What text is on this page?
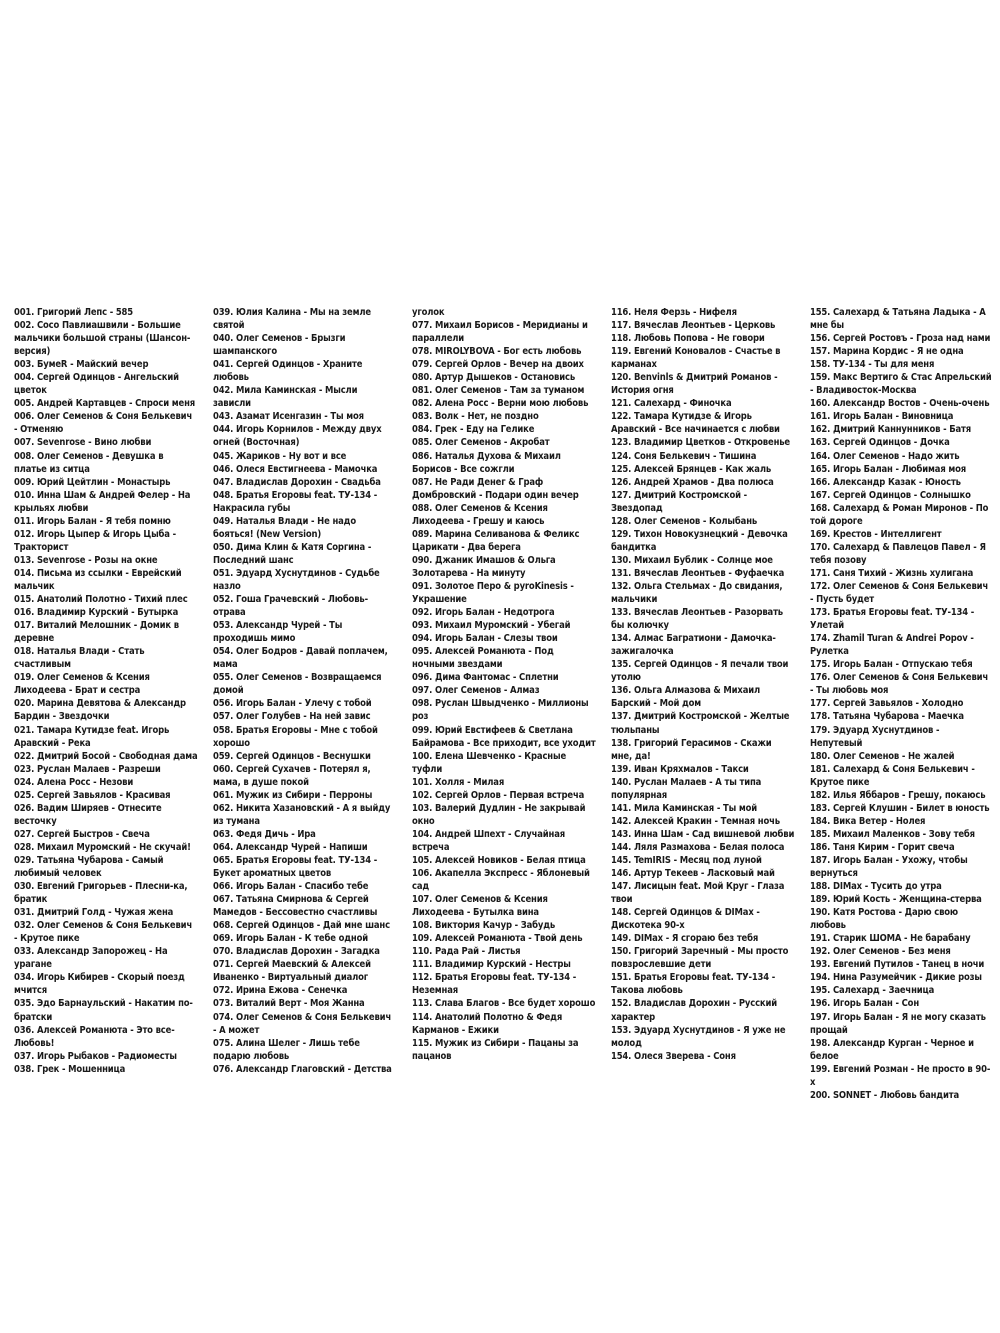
001. Григорий Лепс - 585
002. Сосо Павлиашвили - Большие мальчики большой страны (Шансон-версия)
003. БумеR - Майский вечер
004. Сергей Одинцов - Ангельский цветок
005. Андрей Картавцев - Спроси меня
006. Олег Семенов & Соня Белькевич - Отменяю
007. Sevenrose - Вино любви
008. Олег Семенов - Девушка в платье из ситца
009. Юрий Цейтлин - Монастырь
010. Инна Шам & Андрей Фелер - На крыльях любви
011. Игорь Балан - Я тебя помню
012. Игорь Цыпер & Игорь Цыба - Тракторист
013. Sevenrose - Розы на окне
014. Письма из ссылки - Еврейский мальчик
015. Анатолий Полотно - Тихий плес
016. Владимир Курский - Бутырка
017. Виталий Мелошник - Домик в деревне
018. Наталья Влади - Стать счастливым
019. Олег Семенов & Ксения Лиходеева - Брат и сестра
020. Марина Девятова & Александр Бардин - Звездочки
021. Тамара Кутидзе feat. Игорь Аравский - Река
022. Дмитрий Босой - Свободная дама
023. Руслан Малаев - Разреши
024. Алена Росс - Незови
025. Сергей Завьялов - Красивая
026. Вадим Ширяев - Отнесите весточку
027. Сергей Быстров - Свеча
028. Михаил Муромский - Не скучай!
029. Татьяна Чубарова - Самый любимый человек
030. Евгений Григорьев - Плесни-ка, братик
031. Дмитрий Голд - Чужая жена
032. Олег Семенов & Соня Белькевич - Крутое пике
033. Александр Запорожец - На урагане
034. Игорь Кибирев - Скорый поезд мчится
035. Эдо Барнаульский - Накатим по-братски
036. Алексей Романюта - Это все-Любовь!
037. Игорь Рыбаков - Радиоместы
038. Грек - Мошенница
039. Юлия Калина - Мы на земле святой
040. Олег Семенов - Брызги шампанского
041. Сергей Одинцов - Храните любовь
042. Мила Каминская - Мысли зависли
043. Азамат Исенгазин - Ты моя
044. Игорь Корнилов - Между двух огней (Восточная)
045. Жариков - Ну вот и все
046. Олеся Евстигнеева - Мамочка
047. Владислав Дорохин - Свадьба
048. Братья Егоровы feat. ТУ-134 - Накрасила губы
049. Наталья Влади - Не надо бояться! (New Version)
050. Дима Клин & Катя Соргина - Последний шанс
051. Эдуард Хуснутдинов - Судьбе назло
052. Гоша Грачевский - Любовь-отрава
053. Александр Чурей - Ты проходишь мимо
054. Олег Бодров - Давай поплачем, мама
055. Олег Семенов - Возвращаемся домой
056. Игорь Балан - Улечу с тобой
057. Олег Голубев - На ней завис
058. Братья Егоровы - Мне с тобой хорошо
059. Сергей Одинцов - Веснушки
060. Сергей Сухачев - Потерял я, мама, в душе покой
061. Мужик из Сибири - Перроны
062. Никита Хазановский - А я выйду из тумана
063. Федя Дичь - Ира
064. Александр Чурей - Напиши
065. Братья Егоровы feat. ТУ-134 - Букет ароматных цветов
066. Игорь Балан - Спасибо тебе
067. Татьяна Смирнова & Сергей Мамедов - Бессовестно счастливы
068. Сергей Одинцов - Дай мне шанс
069. Игорь Балан - К тебе одной
070. Владислав Дорохин - Загадка
071. Сергей Маевский & Алексей Иваненко - Виртуальный диалог
072. Ирина Ежова - Сенечка
073. Виталий Верт - Моя Жанна
074. Олег Семенов & Соня Белькевич - А может
075. Алина Шелег - Лишь тебе подарю любовь
076. Александр Глаговский - Детства
уголок
077. Михаил Борисов - Меридианы и параллели
078. MIROLYBOVA - Бог есть любовь
079. Сергей Орлов - Вечер на двоих
080. Артур Дышеков - Остановись
081. Олег Семенов - Там за туманом
082. Алена Росс - Верни мою любовь
083. Волк - Нет, не поздно
084. Грек - Еду на Гелике
085. Олег Семенов - Акробат
086. Наталья Духова & Михаил Борисов - Все сожгли
087. Не Ради Денег & Граф Домбровский - Подари один вечер
088. Олег Семенов & Ксения Лиходеева - Грешу и каюсь
089. Марина Селиванова & Феликс Царикати - Два берега
090. Джаник Имашов & Ольга Золотарева - На минуту
091. Золотое Перо & pyroKinesis - Украшение
092. Игорь Балан - Недотрога
093. Михаил Муромский - Убегай
094. Игорь Балан - Слезы твои
095. Алексей Романюта - Под ночными звездами
096. Дима Фантомас - Сплетни
097. Олег Семенов - Алмаз
098. Руслан Швыдченко - Миллионы роз
099. Юрий Евстифеев & Светлана Байрамова - Все приходит, все уходит
100. Елена Шевченко - Красные туфли
101. Холля - Милая
102. Сергей Орлов - Первая встреча
103. Валерий Дудлин - Не закрывай окно
104. Андрей Шпехт - Случайная встреча
105. Алексей Новиков - Белая птица
106. Акапелла Экспресс - Яблоневый сад
107. Олег Семенов & Ксения Лиходеева - Бутылка вина
108. Виктория Качур - Забудь
109. Алексей Романюта - Твой день
110. Рада Рай - Листья
111. Владимир Курский - Нестры
112. Братья Егоровы feat. ТУ-134 - Неземная
113. Слава Благов - Все будет хорошо
114. Анатолий Полотно & Федя Карманов - Ежики
115. Мужик из Сибири - Пацаны за пацанов
116. Неля Ферзь - Нифеля
117. Вячеслав Леонтьев - Церковь
118. Любовь Попова - Не говори
119. Евгений Коновалов - Счастье в карманах
120. Benvinls & Дмитрий Романов - История огня
121. Салехард - Финочка
122. Тамара Кутидзе & Игорь Аравский - Все начинается с любви
123. Владимир Цветков - Откровенье
124. Соня Белькевич - Тишина
125. Алексей Брянцев - Как жаль
126. Андрей Храмов - Два полюса
127. Дмитрий Костромской - Звездопад
128. Олег Семенов - Колыбань
129. Тихон Новокузнецкий - Девочка бандитка
130. Михаил Бублик - Солнце мое
131. Вячеслав Леонтьев - Фуфаечка
132. Ольга Стельмах - До свидания, мальчики
133. Вячеслав Леонтьев - Разорвать бы колючку
134. Алмас Багратиони - Дамочка-зажигалочка
135. Сергей Одинцов - Я печали твои утолю
136. Ольга Алмазова & Михаил Барский - Мой дом
137. Дмитрий Костромской - Желтые тюльпаны
138. Григорий Герасимов - Скажи мне, да!
139. Иван Кряхмалов - Такси
140. Руслан Малаев - А ты типа популярная
141. Мила Каминская - Ты мой
142. Алексей Кракин - Темная ночь
143. Инна Шам - Сад вишневой любви
144. Ляля Размахова - Белая полоса
145. TemIRIS - Месяц под луной
146. Артур Текеев - Ласковый май
147. Лисицын feat. Мой Круг - Глаза твои
148. Сергей Одинцов & DIMax - Дискотека 90-х
149. DIMax - Я сгораю без тебя
150. Григорий Заречный - Мы просто повзрослевшие дети
151. Братья Егоровы feat. ТУ-134 - Такова любовь
152. Владислав Дорохин - Русский характер
153. Эдуард Хуснутдинов - Я уже не молод
154. Олеся Зверева - Соня
155. Салехард & Татьяна Ладыка - А мне бы
156. Сергей Ростовъ - Гроза над нами
157. Марина Кордис - Я не одна
158. ТУ-134 - Ты для меня
159. Макс Вертиго & Стас Апрельский - Владивосток-Москва
160. Александр Востов - Очень-очень
161. Игорь Балан - Виновница
162. Дмитрий Каннунников - Батя
163. Сергей Одинцов - Дочка
164. Олег Семенов - Надо жить
165. Игорь Балан - Любимая моя
166. Александр Казак - Юность
167. Сергей Одинцов - Солнышко
168. Салехард & Роман Миронов - По той дороге
169. Крестов - Интеллигент
170. Салехард & Павлецов Павел - Я тебя позову
171. Саня Тихий - Жизнь хулигана
172. Олег Семенов & Соня Белькевич - Пусть будет
173. Братья Егоровы feat. ТУ-134 - Улетай
174. Zhamil Turan & Andrei Popov - Рулетка
175. Игорь Балан - Отпускаю тебя
176. Олег Семенов & Соня Белькевич - Ты любовь моя
177. Сергей Завьялов - Холодно
178. Татьяна Чубарова - Маечка
179. Эдуард Хуснутдинов - Непутевый
180. Олег Семенов - Не жалей
181. Салехард & Соня Белькевич - Крутое пике
182. Илья Яббаров - Грешу, покаюсь
183. Сергей Клушин - Билет в юность
184. Вика Ветер - Нолея
185. Михаил Маленков - Зову тебя
186. Таня Кирим - Горит свеча
187. Игорь Балан - Ухожу, чтобы вернуться
188. DIMax - Тусить до утра
189. Юрий Кость - Женщина-стерва
190. Катя Ростова - Дарю свою любовь
191. Старик ШОМА - Не барабану
192. Олег Семенов - Без меня
193. Евгений Путилов - Танец в ночи
194. Нина Разумейчик - Дикие розы
195. Салехард - Заечница
196. Игорь Балан - Сон
197. Игорь Балан - Я не могу сказать прощай
198. Александр Курган - Черное и белое
199. Евгений Розман - Не просто в 90-х
200. SONNET - Любовь бандита
